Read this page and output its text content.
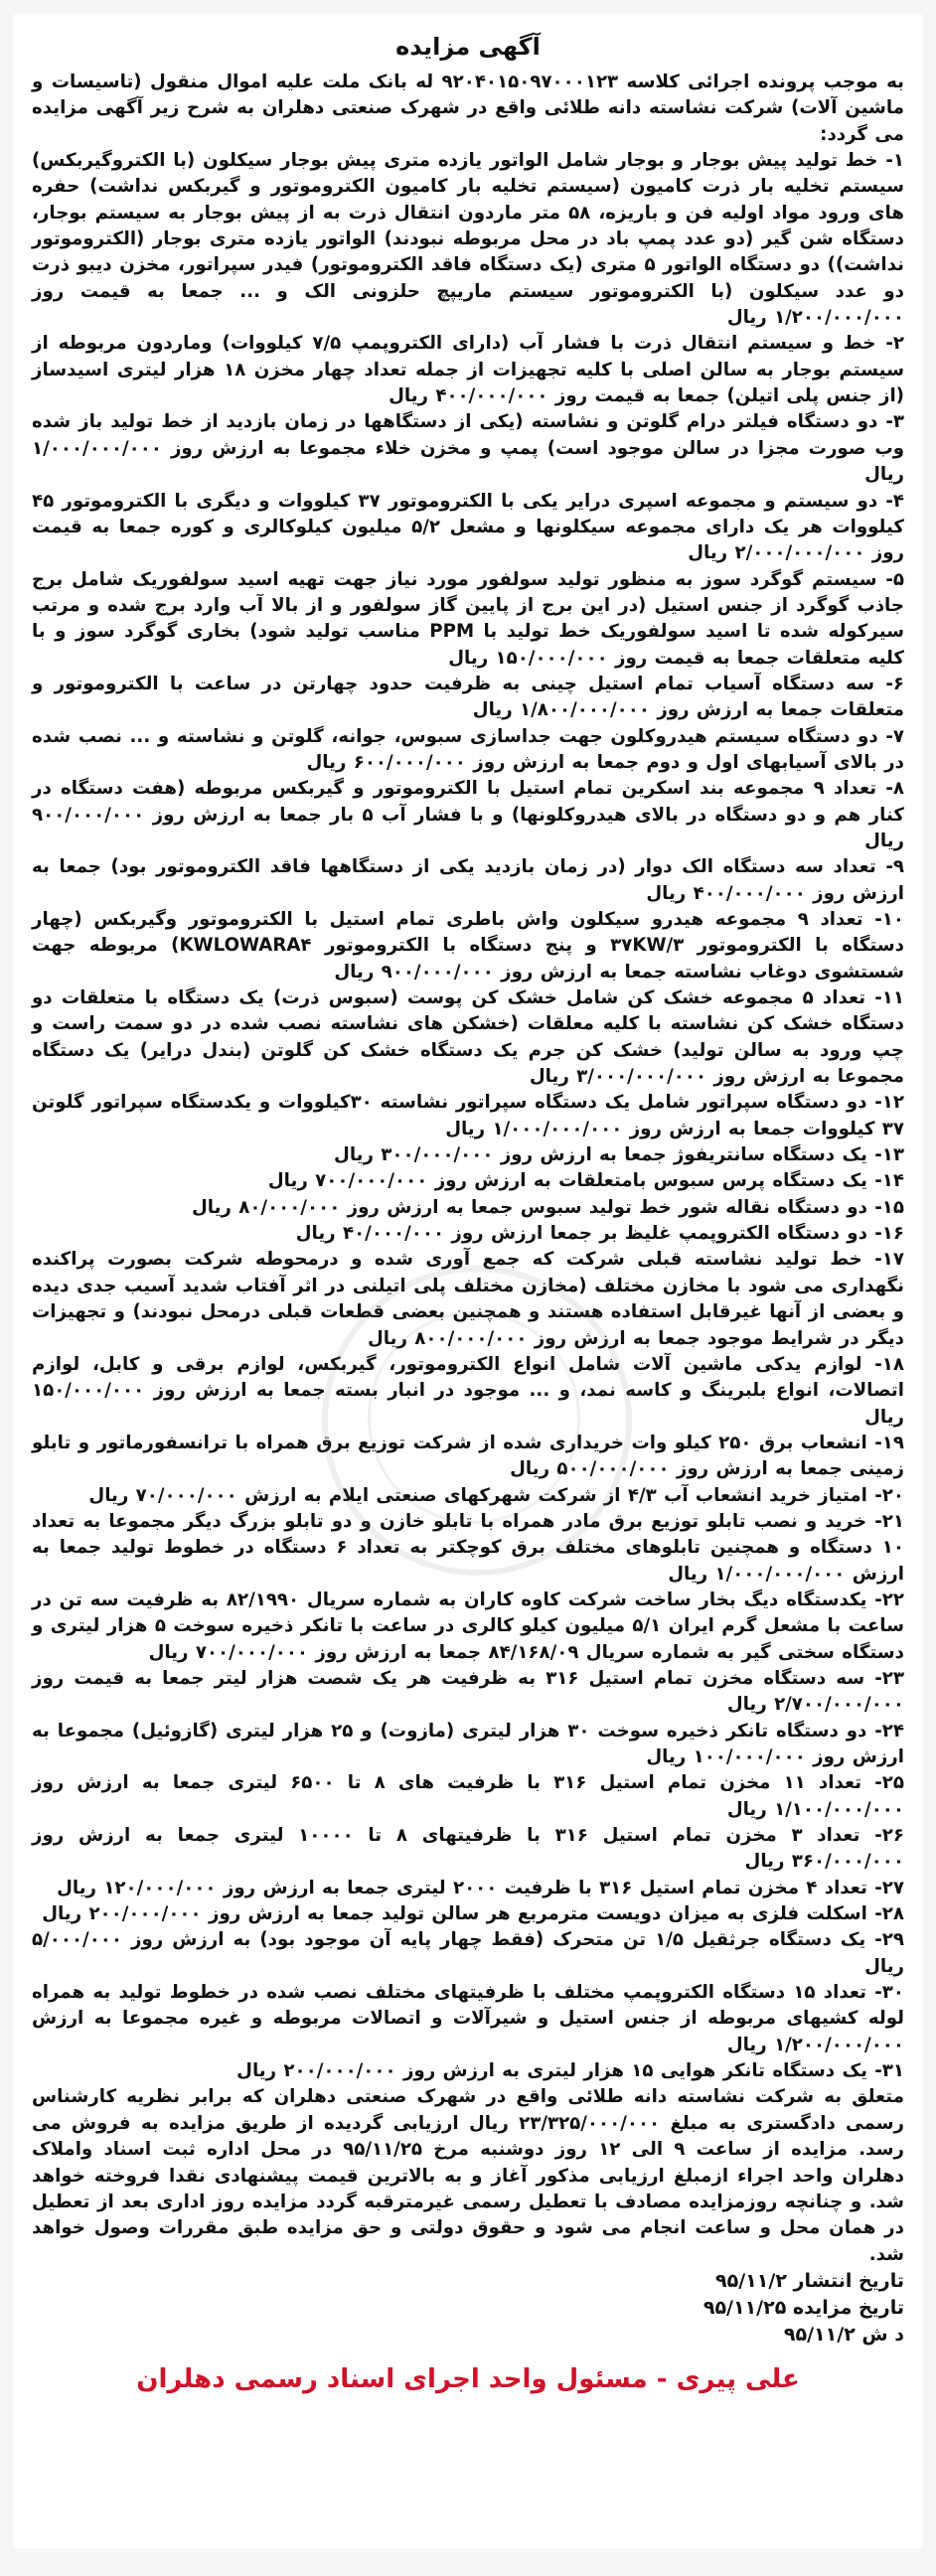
آگهی مزایده

به موجب پرونده اجرائی کلاسه ۹۲۰۴۰۱۵۰۹۷۰۰۰۱۲۳ له بانک ملت علیه اموال منقول (تاسیسات و ماشین آلات) شرکت نشاسته دانه طلائی واقع در شهرک صنعتی دهلران به شرح زیر آگهی مزایده می گردد:

۱- خط تولید پیش بوجار و بوجار شامل الواتور یازده متری پیش بوجار سیکلون (با الکتروگیربکس) سیستم تخلیه بار ذرت کامیون (سیستم تخلیه بار کامیون الکتروموتور و گیربکس نداشت) حفره های ورود مواد اولیه فن و باریزه، ۵۸ متر ماردون انتقال ذرت به از پیش بوجار به سیستم بوجار، دستگاه شن گیر (دو عدد پمپ باد در محل مربوطه نبودند) الواتور یازده متری بوجار (الکتروموتور نداشت)) دو دستگاه الواتور ۵ متری (یک دستگاه فاقد الکتروموتور) فیدر سپراتور، مخزن دیبو ذرت دو عدد سیکلون (با الکتروموتور سیستم ماریپچ حلزونی الک و ... جمعا به قیمت روز ۱/۲۰۰/۰۰۰/۰۰۰ ریال

۲- خط و سیستم انتقال ذرت با فشار آب (دارای الکتروپمپ ۷/۵ کیلووات) وماردون مربوطه از سیستم بوجار به سالن اصلی با کلیه تجهیزات از جمله تعداد چهار مخزن ۱۸ هزار لیتری اسیدساز (از جنس پلی اتیلن) جمعا به قیمت روز ۴۰۰/۰۰۰/۰۰۰ ریال

۳- دو دستگاه فیلتر درام گلوتن و نشاسته (یکی از دستگاهها در زمان بازدید از خط تولید باز شده وب صورت مجزا در سالن موجود است) پمپ و مخزن خلاء مجموعا به ارزش روز ۱/۰۰۰/۰۰۰/۰۰۰ ریال

۴- دو سیستم و مجموعه اسپری درایر یکی با الکتروموتور ۳۷ کیلووات و دیگری با الکتروموتور ۴۵ کیلووات هر یک دارای مجموعه سیکلونها و مشعل ۵/۲ میلیون کیلوکالری و کوره جمعا به قیمت روز ۲/۰۰۰/۰۰۰/۰۰۰ ریال

۵- سیستم گوگرد سوز به منظور تولید سولفور مورد نیاز جهت تهیه اسید سولفوریک شامل برج جاذب گوگرد از جنس استیل (در این برج از پایین گاز سولفور و از بالا آب وارد برج شده و مرتب سیرکوله شده تا اسید سولفوریک خط تولید با PPM مناسب تولید شود) بخاری گوگرد سوز و با کلیه متعلقات جمعا به قیمت روز ۱۵۰/۰۰۰/۰۰۰ ریال

۶- سه دستگاه آسیاب تمام استیل چینی به ظرفیت حدود چهارتن در ساعت با الکتروموتور و متعلقات جمعا به ارزش روز ۱/۸۰۰/۰۰۰/۰۰۰ ریال

۷- دو دستگاه سیستم هیدروکلون جهت جداسازی سبوس، جوانه، گلوتن و نشاسته و ... نصب شده در بالای آسیابهای اول و دوم جمعا به ارزش روز ۶۰۰/۰۰۰/۰۰۰ ریال

۸- تعداد ۹ مجموعه بند اسکرین تمام استیل با الکتروموتور و گیربکس مربوطه (هفت دستگاه در کنار هم و دو دستگاه در بالای هیدروکلونها) و با فشار آب ۵ بار جمعا به ارزش روز ۹۰۰/۰۰۰/۰۰۰ ریال

۹- تعداد سه دستگاه الک دوار (در زمان بازدید یکی از دستگاهها فاقد الکتروموتور بود) جمعا به ارزش روز ۴۰۰/۰۰۰/۰۰۰ ریال

۱۰- تعداد ۹ مجموعه هیدرو سیکلون واش باطری تمام استیل با الکتروموتور وگیربکس (چهار دستگاه با الکتروموتور ۳۷KW/۳ و پنج دستگاه با الکتروموتور KWLOWARA۴) مربوطه جهت شستشوی دوغاب نشاسته جمعا به ارزش روز ۹۰۰/۰۰۰/۰۰۰ ریال

۱۱- تعداد ۵ مجموعه خشک کن شامل خشک کن پوست (سبوس ذرت) یک دستگاه با متعلقات دو دستگاه خشک کن نشاسته با کلیه معلقات (خشکن های نشاسته نصب شده در دو سمت راست و چپ ورود به سالن تولید) خشک کن جرم یک دستگاه خشک کن گلوتن (بندل درایر) یک دستگاه مجموعا به ارزش روز ۳/۰۰۰/۰۰۰/۰۰۰ ریال

۱۲- دو دستگاه سپراتور شامل یک دستگاه سپراتور نشاسته ۳۰کیلووات و یکدستگاه سپراتور گلوتن ۳۷ کیلووات جمعا به ارزش روز ۱/۰۰۰/۰۰۰/۰۰۰ ریال

۱۳- یک دستگاه سانتریفوژ جمعا به ارزش روز ۳۰۰/۰۰۰/۰۰۰ ریال

۱۴- یک دستگاه پرس سبوس بامتعلقات به ارزش روز ۷۰۰/۰۰۰/۰۰۰ ریال

۱۵- دو دستگاه نقاله شور خط تولید سبوس جمعا به ارزش روز ۸۰/۰۰۰/۰۰۰ ریال

۱۶- دو دستگاه الکتروپمپ غلیظ بر جمعا ارزش روز ۴۰/۰۰۰/۰۰۰ ریال

۱۷- خط تولید نشاسته قبلی شرکت که جمع آوری شده و درمحوطه شرکت بصورت پراکنده نگهداری می شود با مخازن مختلف (مخازن مختلف پلی اتیلنی در اثر آفتاب شدید آسیب جدی دیده و بعضی از آنها غیرقابل استفاده هستند و همچنین بعضی قطعات قبلی درمحل نبودند) و تجهیزات دیگر در شرایط موجود جمعا به ارزش روز ۸۰۰/۰۰۰/۰۰۰ ریال

۱۸- لوازم یدکی ماشین آلات شامل انواع الکتروموتور، گیربکس، لوازم برقی و کابل، لوازم اتصالات، انواع بلبرینگ و کاسه نمد، و ... موجود در انبار بسته جمعا به ارزش روز ۱۵۰/۰۰۰/۰۰۰ ریال

۱۹- انشعاب برق ۲۵۰ کیلو وات خریداری شده از شرکت توزیع برق همراه با ترانسفورماتور و تابلو زمینی جمعا به ارزش روز ۵۰۰/۰۰۰/۰۰۰ ریال

۲۰- امتیاز خرید انشعاب آب ۴/۳ از شرکت شهرکهای صنعتی ایلام به ارزش ۷۰/۰۰۰/۰۰۰ ریال

۲۱- خرید و نصب تابلو توزیع برق مادر همراه با تابلو خازن و دو تابلو بزرگ دیگر مجموعا به تعداد ۱۰ دستگاه و همچنین تابلوهای مختلف برق کوچکتر به تعداد ۶ دستگاه در خطوط تولید جمعا به ارزش ۱/۰۰۰/۰۰۰/۰۰۰ ریال

۲۲- یکدستگاه دیگ بخار ساخت شرکت کاوه کاران به شماره سریال ۸۲/۱۹۹۰ به ظرفیت سه تن در ساعت با مشعل گرم ایران ۵/۱ میلیون کیلو کالری در ساعت با تانکر ذخیره سوخت ۵ هزار لیتری و دستگاه سختی گیر به شماره سریال ۸۴/۱۶۸/۰۹ جمعا به ارزش روز ۷۰۰/۰۰۰/۰۰۰ ریال

۲۳- سه دستگاه مخزن تمام استیل ۳۱۶ به ظرفیت هر یک شصت هزار لیتر جمعا به قیمت روز ۲/۷۰۰/۰۰۰/۰۰۰ ریال

۲۴- دو دستگاه تانکر ذخیره سوخت ۳۰ هزار لیتری (مازوت) و ۲۵ هزار لیتری (گازوئیل) مجموعا به ارزش روز ۱۰۰/۰۰۰/۰۰۰ ریال

۲۵- تعداد ۱۱ مخزن تمام استیل ۳۱۶ با ظرفیت های ۸ تا ۶۵۰۰ لیتری جمعا به ارزش روز ۱/۱۰۰/۰۰۰/۰۰۰ ریال

۲۶- تعداد ۳ مخزن تمام استیل ۳۱۶ با ظرفیتهای ۸ تا ۱۰۰۰۰ لیتری جمعا به ارزش روز ۳۶۰/۰۰۰/۰۰۰ ریال

۲۷- تعداد ۴ مخزن تمام استیل ۳۱۶ با ظرفیت ۲۰۰۰ لیتری جمعا به ارزش روز ۱۲۰/۰۰۰/۰۰۰ ریال

۲۸- اسکلت فلزی به میزان دویست مترمربع هر سالن تولید جمعا به ارزش روز ۲۰۰/۰۰۰/۰۰۰ ریال

۲۹- یک دستگاه جرثقیل ۱/۵ تن متحرک (فقط چهار پایه آن موجود بود) به ارزش روز ۵/۰۰۰/۰۰۰ ریال

۳۰- تعداد ۱۵ دستگاه الکتروپمپ مختلف با ظرفیتهای مختلف نصب شده در خطوط تولید به همراه لوله کشیهای مربوطه از جنس استیل و شیرآلات و اتصالات مربوطه و غیره مجموعا به ارزش ۱/۲۰۰/۰۰۰/۰۰۰ ریال

۳۱- یک دستگاه تانکر هوایی ۱۵ هزار لیتری به ارزش روز ۲۰۰/۰۰۰/۰۰۰ ریال

متعلق به شرکت نشاسته دانه طلائی واقع در شهرک صنعتی دهلران که برابر نظریه کارشناس رسمی دادگستری به مبلغ ۲۳/۳۲۵/۰۰۰/۰۰۰ ریال ارزیابی گردیده از طریق مزایده به فروش می رسد. مزایده از ساعت ۹ الی ۱۲ روز دوشنبه مرخ ۹۵/۱۱/۲۵ در محل اداره ثبت اسناد واملاک دهلران واحد اجراء ازمبلغ ارزیابی مذکور آغاز و به بالاترین قیمت پیشنهادی نقدا فروخته خواهد شد. و چنانچه روزمزایده مصادف با تعطیل رسمی غیرمترقبه گردد مزایده روز اداری بعد از تعطیل در همان محل و ساعت انجام می شود و حقوق دولتی و حق مزایده طبق مقررات وصول خواهد شد.

تاریخ انتشار ۹۵/۱۱/۲
تاریخ مزایده ۹۵/۱۱/۲۵
د ش ۹۵/۱۱/۲
علی پیری - مسئول واحد اجرای اسناد رسمی دهلران
